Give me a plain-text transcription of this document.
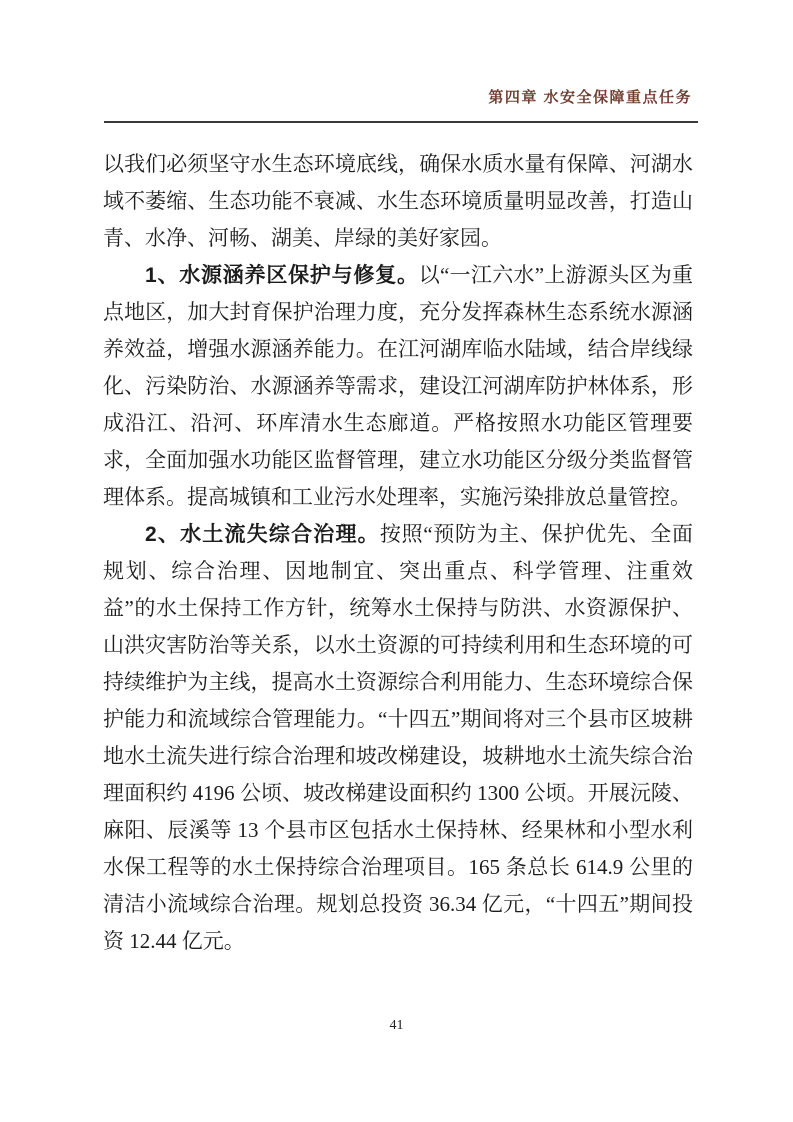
第四章 水安全保障重点任务

以我们必须坚守水生态环境底线，确保水质水量有保障、河湖水域不萎缩、生态功能不衰减、水生态环境质量明显改善，打造山青、水净、河畅、湖美、岸绿的美好家园。

1、水源涵养区保护与修复。以“一江六水”上游源头区为重点地区，加大封育保护治理力度，充分发挥森林生态系统水源涵养效益，增强水源涵养能力。在江河湖库临水陆域，结合岸线绿化、污染防治、水源涵养等需求，建设江河湖库防护林体系，形成沿江、沿河、环库清水生态廊道。严格按照水功能区管理要求，全面加强水功能区监督管理，建立水功能区分级分类监督管理体系。提高城镇和工业污水处理率，实施污染排放总量管控。

2、水土流失综合治理。按照“预防为主、保护优先、全面规划、综合治理、因地制宜、突出重点、科学管理、注重效益”的水土保持工作方针，统筹水土保持与防洪、水资源保护、山洪灾害防治等关系，以水土资源的可持续利用和生态环境的可持续维护为主线，提高水土资源综合利用能力、生态环境综合保护能力和流域综合管理能力。“十四五”期间将对三个县市区坡耕地水土流失进行综合治理和坡改梯建设，坡耕地水土流失综合治理面积约 4196 公顷、坡改梯建设面积约 1300 公顷。开展沅陵、麻阳、辰溪等 13 个县市区包括水土保持林、经果林和小型水利水保工程等的水土保持综合治理项目。165 条总长 614.9 公里的清洁小流域综合治理。规划总投资 36.34 亿元，“十四五”期间投资 12.44 亿元。

41
